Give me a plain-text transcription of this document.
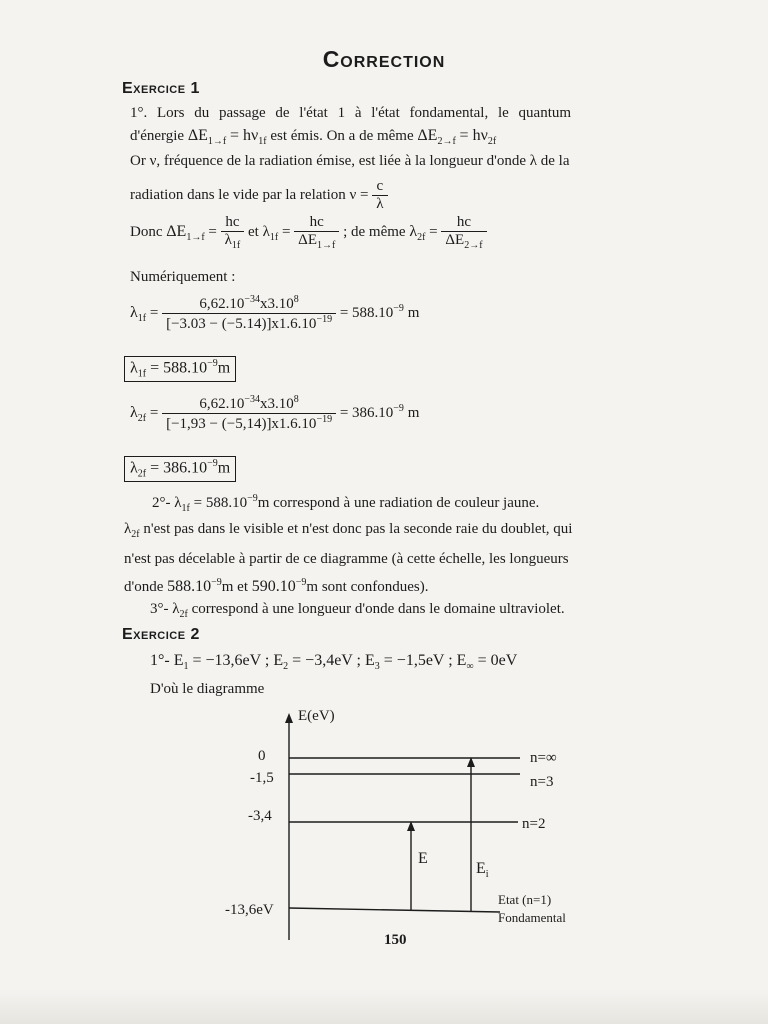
Correction
Exercice 1
1°. Lors du passage de l'état 1 à l'état fondamental, le quantum
d'énergie $\Delta E_{1\to f} = h\nu_{1f}$ est émis. On a de même $\Delta E_{2\to f} = h\nu_{2f}$
Or ν, fréquence de la radiation émise, est liée à la longueur d'onde λ de la
radiation dans le vide par la relation $\nu = \frac{c}{\lambda}$
Donc $\Delta E_{1\to f} = \frac{hc}{\lambda_{1f}}$ et $\lambda_{1f} = \frac{hc}{\Delta E_{1\to f}}$ ; de même $\lambda_{2f} = \frac{hc}{\Delta E_{2\to f}}$
Numériquement :
$\lambda_{1f} = \frac{6,62.10^{-34}x3.10^8}{[-3.03 - (-5.14)]x1.6.10^{-19}} = 588.10^{-9}$ m
$\lambda_{1f} = 588.10^{-9}m$
$\lambda_{2f} = \frac{6,62.10^{-34}x3.10^8}{[-1,93 - (-5,14)]x1.6.10^{-19}} = 386.10^{-9}$ m
$\lambda_{2f} = 386.10^{-9}m$
2°- $\lambda_{1f} = 588.10^{-9}m$ correspond à une radiation de couleur jaune.
$\lambda_{2f}$ n'est pas dans le visible et n'est donc pas la seconde raie du doublet, qui
n'est pas décelable à partir de ce diagramme (à cette échelle, les longueurs
d'onde $588.10^{-9}m$ et $590.10^{-9}m$ sont confondues).
3°- $\lambda_{2f}$ correspond à une longueur d'onde dans le domaine ultraviolet.
Exercice 2
1°- $E_1 = -13,6eV$ ; $E_2 = -3,4eV$ ; $E_3 = -1,5eV$ ; $E_\infty = 0eV$
D'où le diagramme
E(eV)
0
-1,5
-3,4
-13,6eV
n=∞
n=3
n=2
Etat (n=1)
Fondamental
E
$E_i$
150
